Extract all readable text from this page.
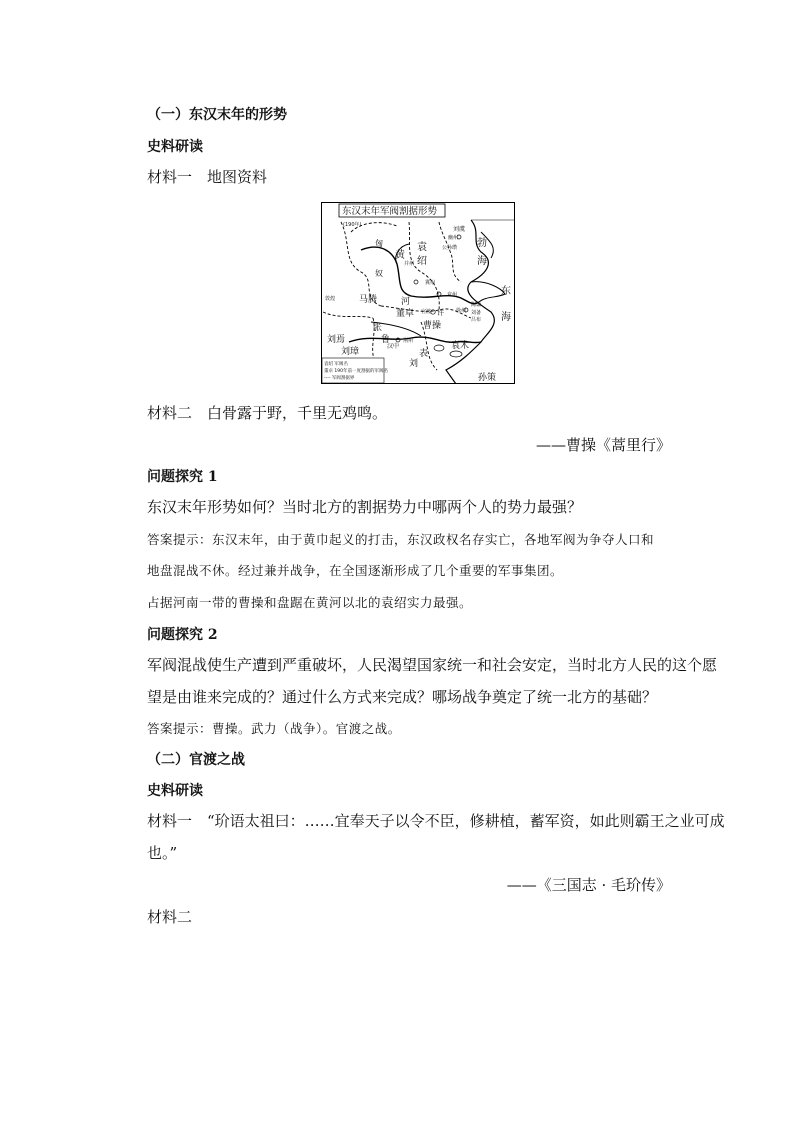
（一）东汉末年的形势
史料研读
材料一　地图资料
东汉末年军阀割据形势
(190年)
匈
奴
黄
袁
绍
刘虞
幽州
公孙瓒
并州
冀州
勃
海
东
海
马腾	河
兖州
陶谦
刘备
吕布
徐州
董卓
曹操
官渡 许
张
鲁
汉中
荆州
表
刘
袁术
刘焉
刘璋
孙策
敦煌
袁绍 军阀名
董卓 190年前一度割据的军阀名
---- 军阀割据界
材料二　白骨露于野，千里无鸡鸣。
——曹操《蒿里行》
问题探究 1
东汉末年形势如何？当时北方的割据势力中哪两个人的势力最强？
答案提示：东汉末年，由于黄巾起义的打击，东汉政权名存实亡，各地军阀为争夺人口和
地盘混战不休。经过兼并战争，在全国逐渐形成了几个重要的军事集团。
占据河南一带的曹操和盘踞在黄河以北的袁绍实力最强。
问题探究 2
军阀混战使生产遭到严重破坏，人民渴望国家统一和社会安定，当时北方人民的这个愿
望是由谁来完成的？通过什么方式来完成？哪场战争奠定了统一北方的基础？
答案提示：曹操。武力（战争）。官渡之战。
（二）官渡之战
史料研读
材料一　“玠语太祖曰：……宜奉天子以令不臣，修耕植，蓄军资，如此则霸王之业可成
也。”
——《三国志 · 毛玠传》
材料二
